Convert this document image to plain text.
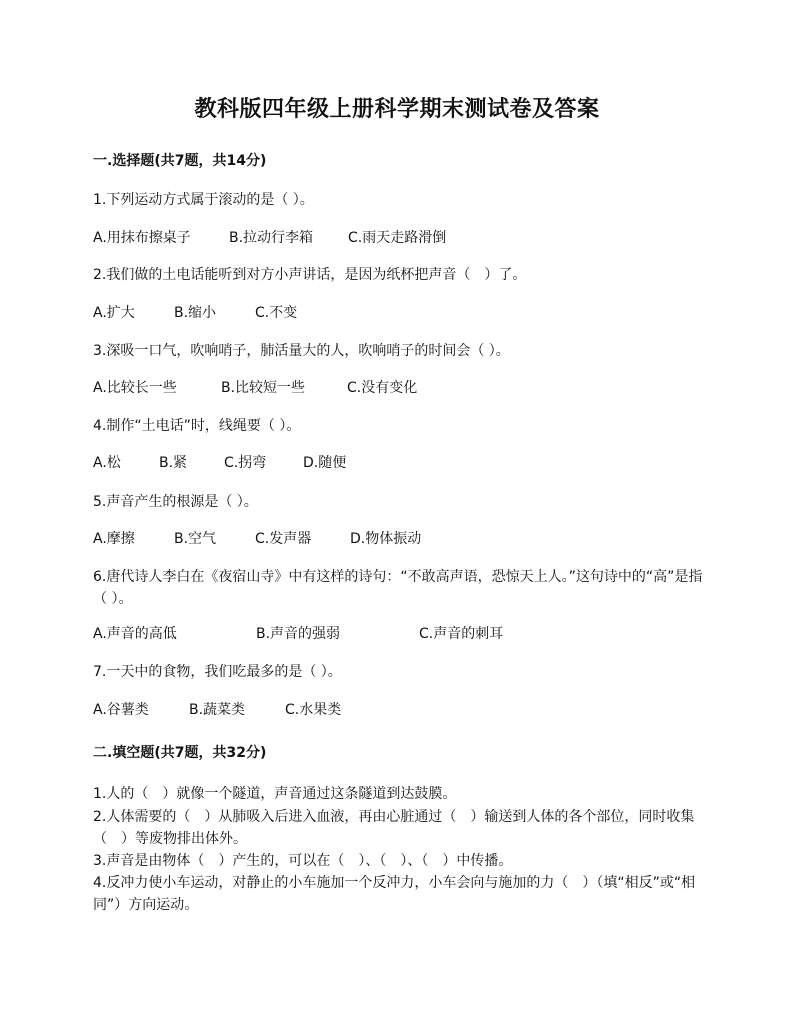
教科版四年级上册科学期末测试卷及答案
一.选择题(共7题，共14分)
1.下列运动方式属于滚动的是（ ）。
A.用抹布擦桌子	B.拉动行李箱 C.雨天走路滑倒
2.我们做的土电话能听到对方小声讲话，是因为纸杯把声音（　）了。
A.扩大	B.缩小	C.不变
3.深吸一口气，吹响哨子，肺活量大的人，吹响哨子的时间会（ ）。
A.比较长一些	B.比较短一些	C.没有变化
4.制作“土电话”时，线绳要（ ）。
A.松	B.紧	C.拐弯	D.随便
5.声音产生的根源是（ ）。
A.摩擦	B.空气	C.发声器	D.物体振动
6.唐代诗人李白在《夜宿山寺》中有这样的诗句：“不敢高声语，恐惊天上人。”这句诗中的“高”是指（ ）。
A.声音的高低	B.声音的强弱	C.声音的刺耳
7.一天中的食物，我们吃最多的是（ ）。
A.谷薯类	B.蔬菜类	C.水果类
二.填空题(共7题，共32分)
1.人的（　）就像一个隧道，声音通过这条隧道到达鼓膜。
2.人体需要的（　）从肺吸入后进入血液，再由心脏通过（　）输送到人体的各个部位，同时收集（　）等废物排出体外。
3.声音是由物体（　）产生的，可以在（　）、（　）、（　）中传播。
4.反冲力使小车运动，对静止的小车施加一个反冲力，小车会向与施加的力（　）（填“相反”或“相同”）方向运动。
